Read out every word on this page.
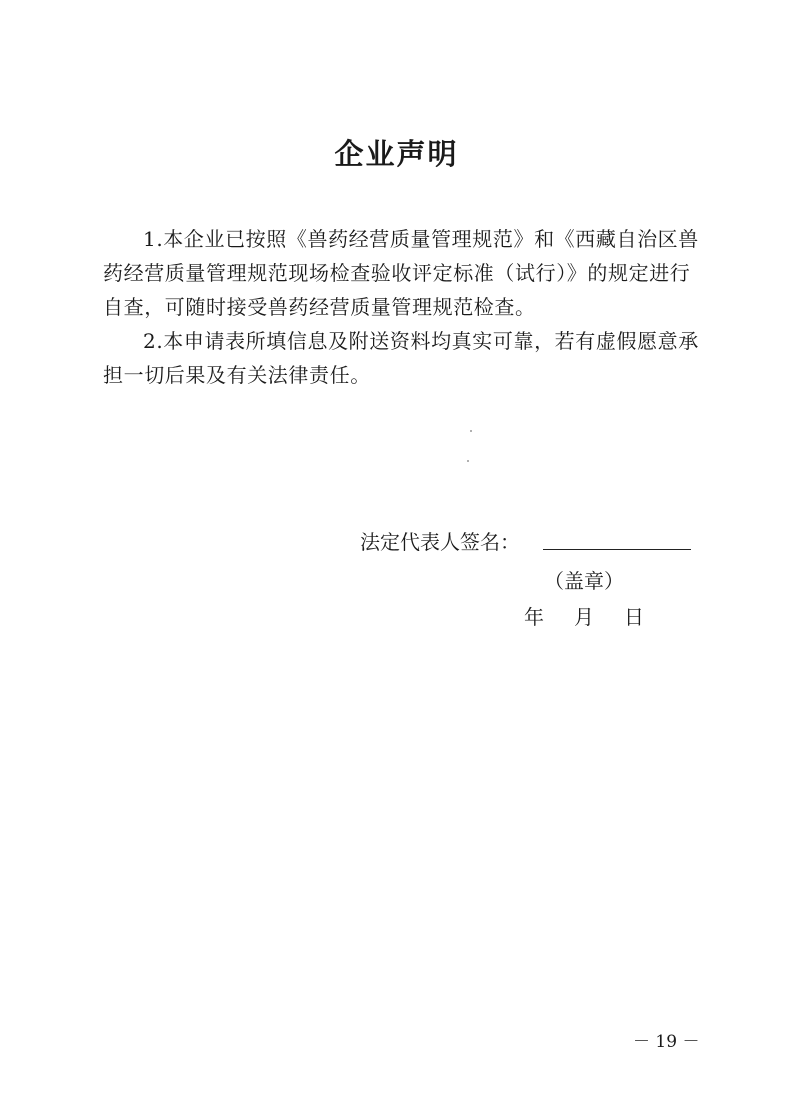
企业声明

1.本企业已按照《兽药经营质量管理规范》和《西藏自治区兽药经营质量管理规范现场检查验收评定标准（试行）》的规定进行自查，可随时接受兽药经营质量管理规范检查。

2.本申请表所填信息及附送资料均真实可靠，若有虚假愿意承担一切后果及有关法律责任。

法定代表人签名：
（盖章）
年 月 日
－ 19 －
